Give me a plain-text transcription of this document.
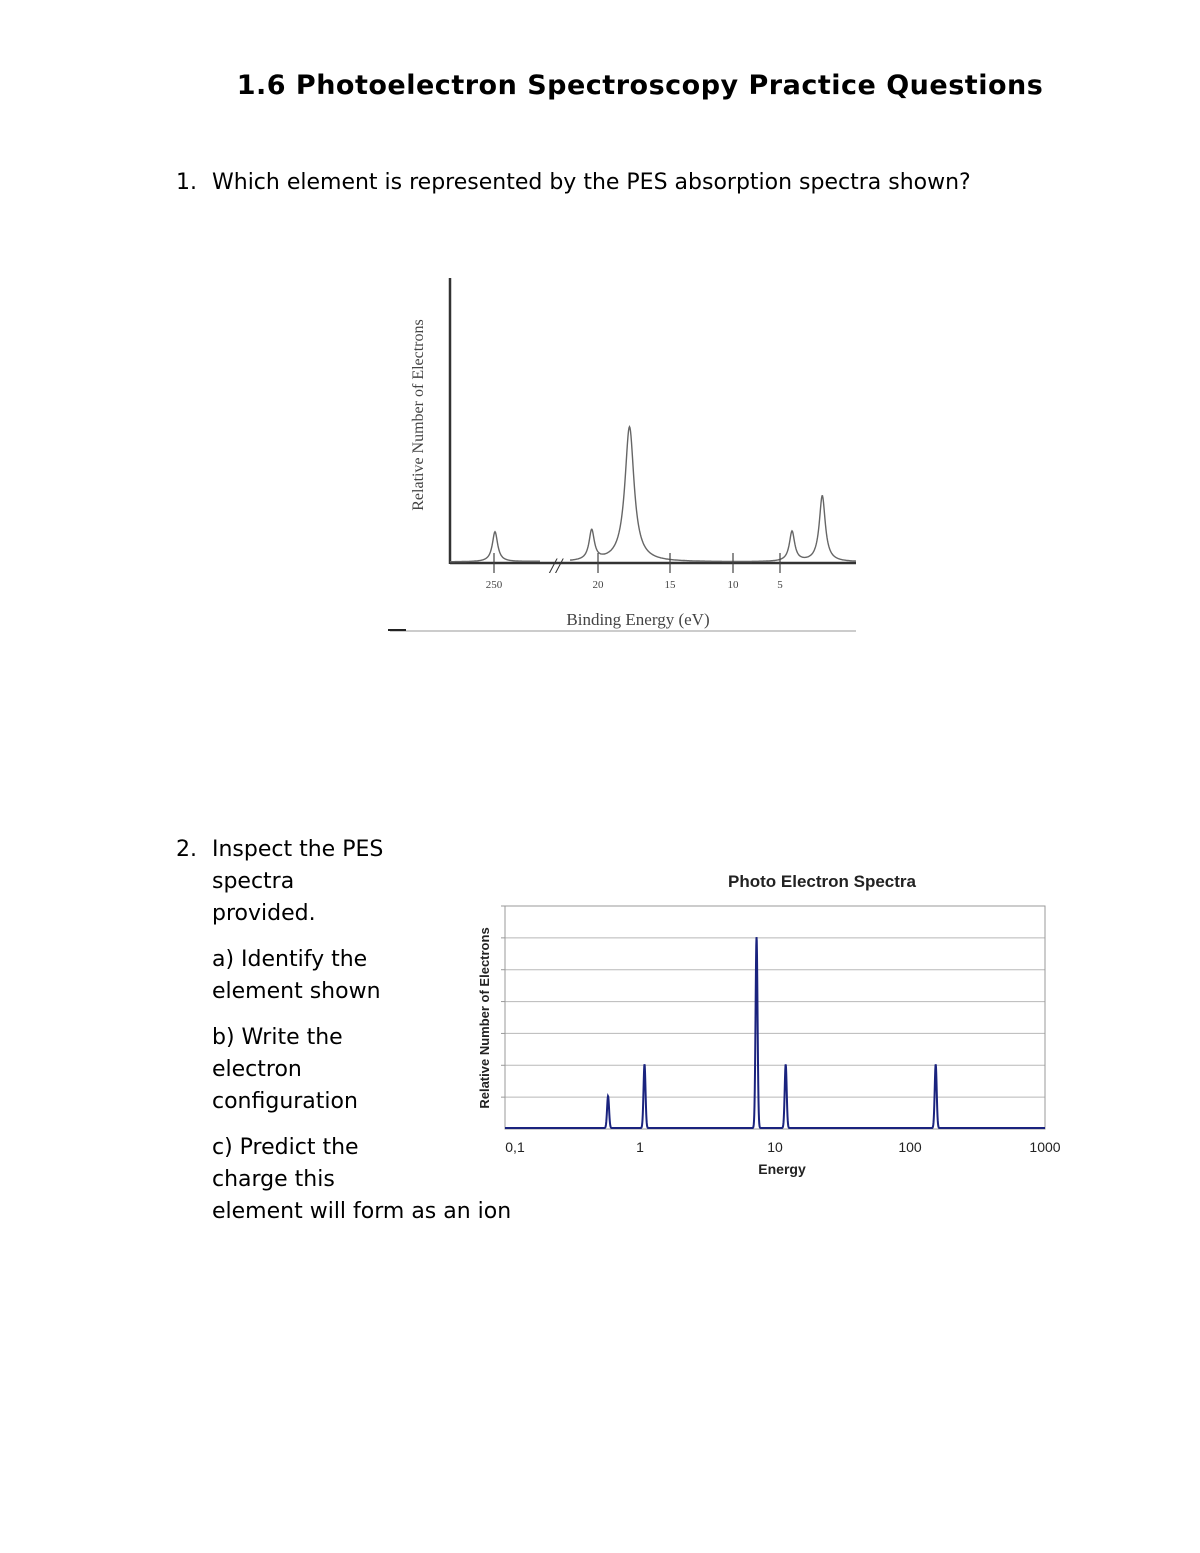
1.6 Photoelectron Spectroscopy Practice Questions
1. Which element is represented by the PES absorption spectra shown?
250	20	15	10	5
//
Relative Number of Electrons
Binding Energy (eV)
2. Inspect the PES
spectra
provided.
a) Identify the
element shown
b) Write the
electron
configuration
c) Predict the
charge this
element will form as an ion
Photo Electron Spectra
0,1	1	10	100	1000
Relative Number of Electrons
Energy
